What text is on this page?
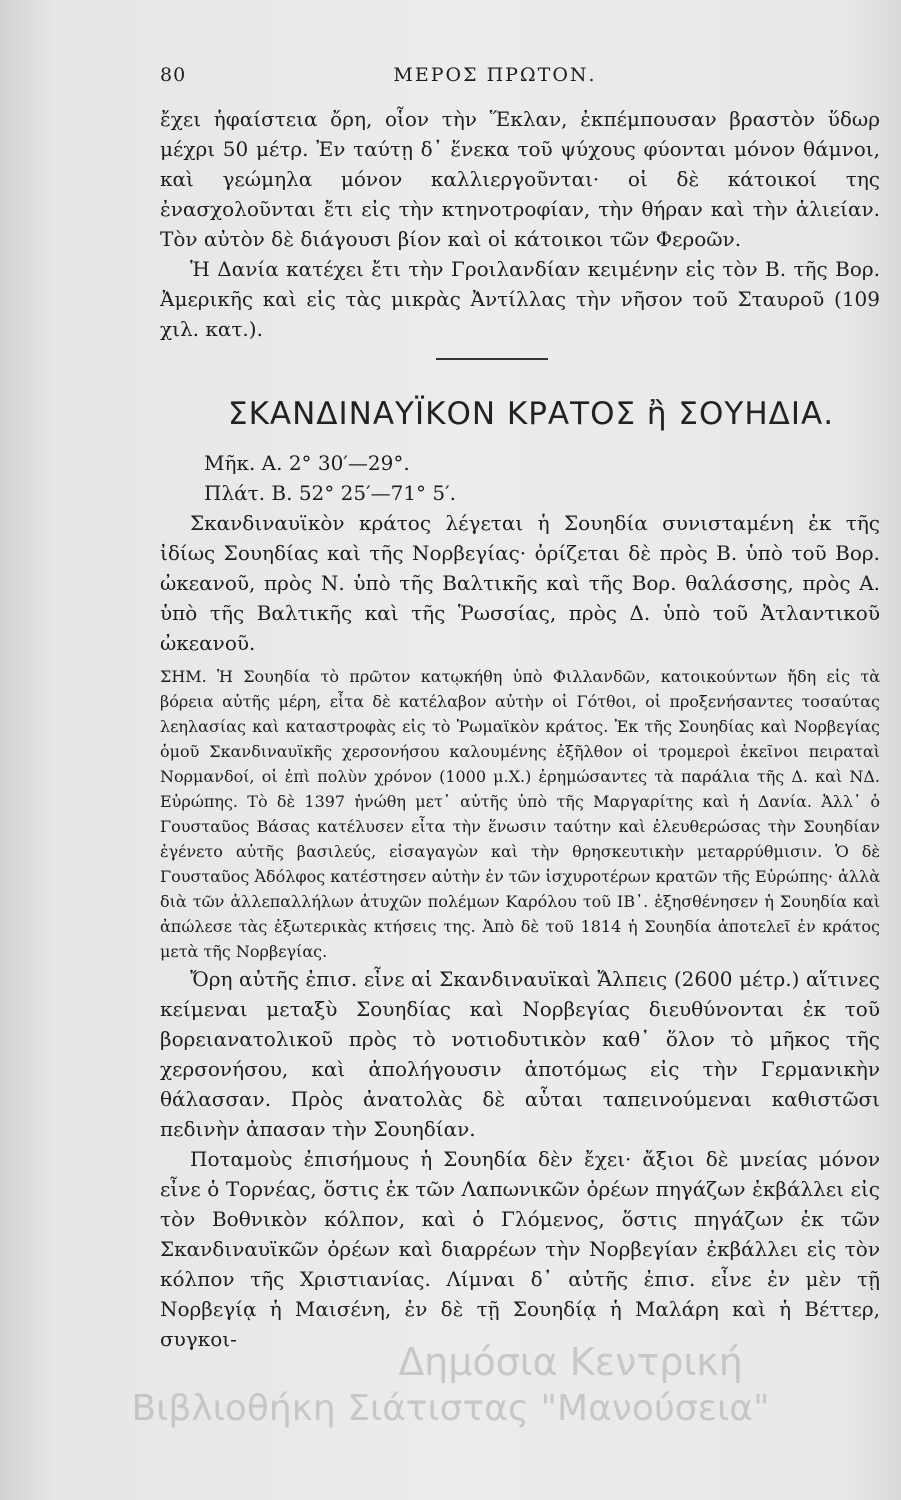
80	ΜΕΡΟΣ ΠΡΩΤΟΝ.

ἔχει ἡφαίστεια ὄρη, οἷον τὴν Ἕκλαν, ἐκπέμπουσαν βραστὸν ὕδωρ μέχρι 50 μέτρ. Ἐν ταύτῃ δ᾽ ἕνεκα τοῦ ψύχους φύονται μόνον θάμνοι, καὶ γεώμηλα μόνον καλλιεργοῦνται· οἱ δὲ κάτοικοί της ἐνασχολοῦνται ἔτι εἰς τὴν κτηνοτροφίαν, τὴν θήραν καὶ τὴν ἁλιείαν. Τὸν αὐτὸν δὲ διάγουσι βίον καὶ οἱ κάτοικοι τῶν Φεροῶν.

Ἡ Δανία κατέχει ἔτι τὴν Γροιλανδίαν κειμένην εἰς τὸν Β. τῆς Βορ. Ἀμερικῆς καὶ εἰς τὰς μικρὰς Ἀντίλλας τὴν νῆσον τοῦ Σταυροῦ (109 χιλ. κατ.).

ΣΚΑΝΔΙΝΑΥΪΚΟΝ ΚΡΑΤΟΣ ἢ ΣΟΥΗΔΙΑ.

Μῆκ. Α. 2° 30′—29°.

Πλάτ. Β. 52° 25′—71° 5′.

Σκανδιναυϊκὸν κράτος λέγεται ἡ Σουηδία συνισταμένη ἐκ τῆς ἰδίως Σουηδίας καὶ τῆς Νορβεγίας· ὁρίζεται δὲ πρὸς Β. ὑπὸ τοῦ Βορ. ὠκεανοῦ, πρὸς Ν. ὑπὸ τῆς Βαλτικῆς καὶ τῆς Βορ. θαλάσσης, πρὸς Α. ὑπὸ τῆς Βαλτικῆς καὶ τῆς Ῥωσσίας, πρὸς Δ. ὑπὸ τοῦ Ἀτλαντικοῦ ὠκεανοῦ.

ΣΗΜ. Ἡ Σουηδία τὸ πρῶτον κατῳκήθη ὑπὸ Φιλλανδῶν, κατοικούντων ἤδη εἰς τὰ βόρεια αὐτῆς μέρη, εἶτα δὲ κατέλαβον αὐτὴν οἱ Γότθοι, οἱ προξενήσαντες τοσαύτας λεηλασίας καὶ καταστροφὰς εἰς τὸ Ῥωμαϊκὸν κράτος. Ἐκ τῆς Σουηδίας καὶ Νορβεγίας ὁμοῦ Σκανδιναυϊκῆς χερσονήσου καλουμένης ἐξῆλθον οἱ τρομεροὶ ἐκεῖνοι πειραταὶ Νορμανδοί, οἱ ἐπὶ πολὺν χρόνον (1000 μ.Χ.) ἐρημώσαντες τὰ παράλια τῆς Δ. καὶ ΝΔ. Εὐρώπης. Τὸ δὲ 1397 ἡνώθη μετ᾽ αὐτῆς ὑπὸ τῆς Μαργαρίτης καὶ ἡ Δανία. Ἀλλ᾽ ὁ Γουσταῦος Βάσας κατέλυσεν εἶτα τὴν ἕνωσιν ταύτην καὶ ἐλευθερώσας τὴν Σουηδίαν ἐγένετο αὐτῆς βασιλεύς, εἰσαγαγὼν καὶ τὴν θρησκευτικὴν μεταρρύθμισιν. Ὁ δὲ Γουσταῦος Ἀδόλφος κατέστησεν αὐτὴν ἐν τῶν ἰσχυροτέρων κρατῶν τῆς Εὐρώπης· ἀλλὰ διὰ τῶν ἀλλεπαλλήλων ἀτυχῶν πολέμων Καρόλου τοῦ ΙΒ᾽. ἐξησθένησεν ἡ Σουηδία καὶ ἀπώλεσε τὰς ἐξωτερικὰς κτήσεις της. Ἀπὸ δὲ τοῦ 1814 ἡ Σουηδία ἀποτελεῖ ἐν κράτος μετὰ τῆς Νορβεγίας.

Ὄρη αὐτῆς ἐπισ. εἶνε αἱ Σκανδιναυϊκαὶ Ἄλπεις (2600 μέτρ.) αἵτινες κείμεναι μεταξὺ Σουηδίας καὶ Νορβεγίας διευθύνονται ἐκ τοῦ βορειανατολικοῦ πρὸς τὸ νοτιοδυτικὸν καθ᾽ ὅλον τὸ μῆκος τῆς χερσονήσου, καὶ ἀπολήγουσιν ἀποτόμως εἰς τὴν Γερμανικὴν θάλασσαν. Πρὸς ἀνατολὰς δὲ αὗται ταπεινούμεναι καθιστῶσι πεδινὴν ἀπασαν τὴν Σουηδίαν.

Ποταμοὺς ἐπισήμους ἡ Σουηδία δὲν ἔχει· ἄξιοι δὲ μνείας μόνον εἶνε ὁ Τορνέας, ὅστις ἐκ τῶν Λαπωνικῶν ὀρέων πηγάζων ἐκβάλλει εἰς τὸν Βοθνικὸν κόλπον, καὶ ὁ Γλόμενος, ὅστις πηγάζων ἐκ τῶν Σκανδιναυϊκῶν ὀρέων καὶ διαρρέων τὴν Νορβεγίαν ἐκβάλλει εἰς τὸν κόλπον τῆς Χριστιανίας. Λίμναι δ᾽ αὐτῆς ἐπισ. εἶνε ἐν μὲν τῇ Νορβεγίᾳ ἡ Μαισένη, ἐν δὲ τῇ Σουηδίᾳ ἡ Μαλάρη καὶ ἡ Βέττερ, συγκοι-

Δημόσια Κεντρική
Βιβλιοθήκη Σιάτιστας "Μανούσεια"
